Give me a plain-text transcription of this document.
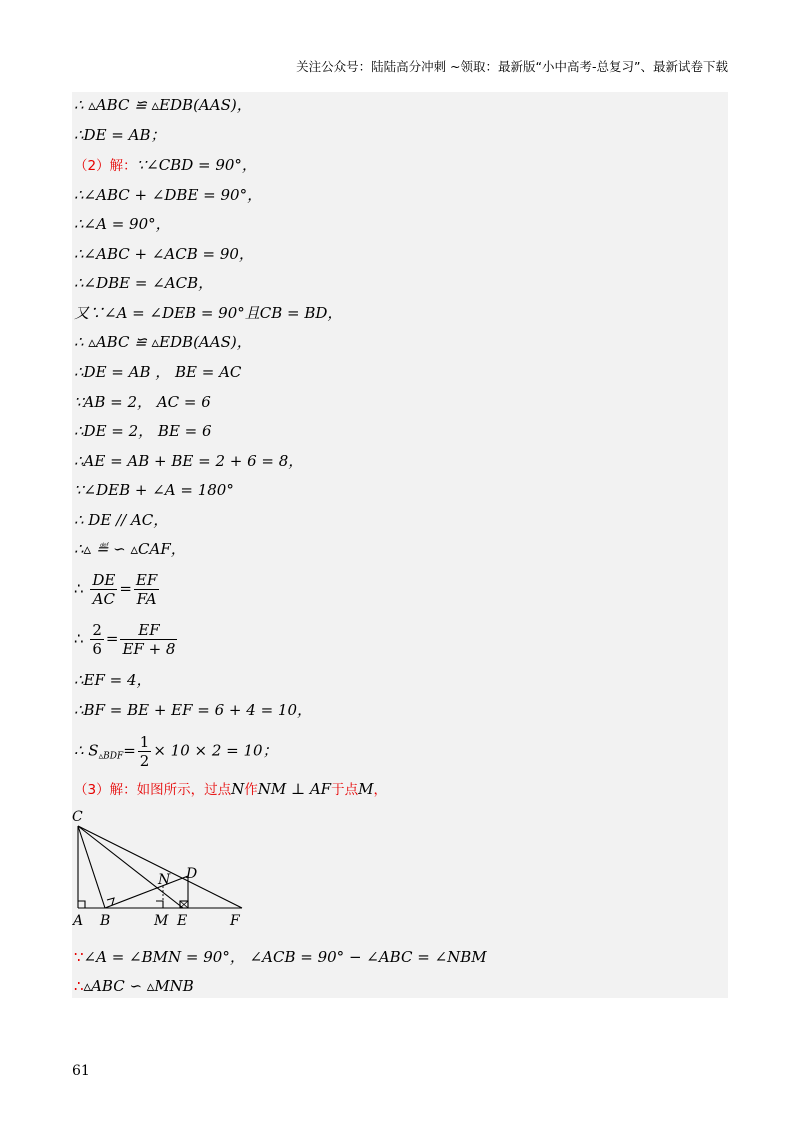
关注公众号：陆陆高分冲刺 ~领取：最新版“小中高考-总复习”、最新试卷下载
∴ ▵ABC ≌ ▵EDB(AAS)，
∴DE = AB；
（2）解：∵∠CBD = 90°，
∴∠ABC + ∠DBE = 90°，
∴∠A = 90°，
∴∠ABC + ∠ACB = 90，
∴∠DBE = ∠ACB，
又∵∠A = ∠DEB = 90°且CB = BD，
∴ ▵ABC ≌ ▵EDB(AAS)，
∴DE = AB ， BE = AC
∵AB = 2， AC = 6
∴DE = 2， BE = 6
∴AE = AB + BE = 2 + 6 = 8，
∵∠DEB + ∠A = 180°
∴ DE // AC，
∴▵ ≝ ∽ ▵CAF，
∴ $\frac{DE}{AC} = \frac{EF}{FA}$
∴ $\frac{2}{6} = \frac{EF}{EF + 8}$
∴EF = 4，
∴BF = BE + EF = 6 + 4 = 10，
∴ $S_{▵BDF}= \frac{1}{2} \times 10 \times 2 = 10$；
（3）解：如图所示，过点N作NM ⊥ AF于点M，
C
D
N
A B	M E	F
∵∠A = ∠BMN = 90°， ∠ACB = 90° − ∠ABC = ∠NBM
∴▵ABC ∽ ▵MNB
61
